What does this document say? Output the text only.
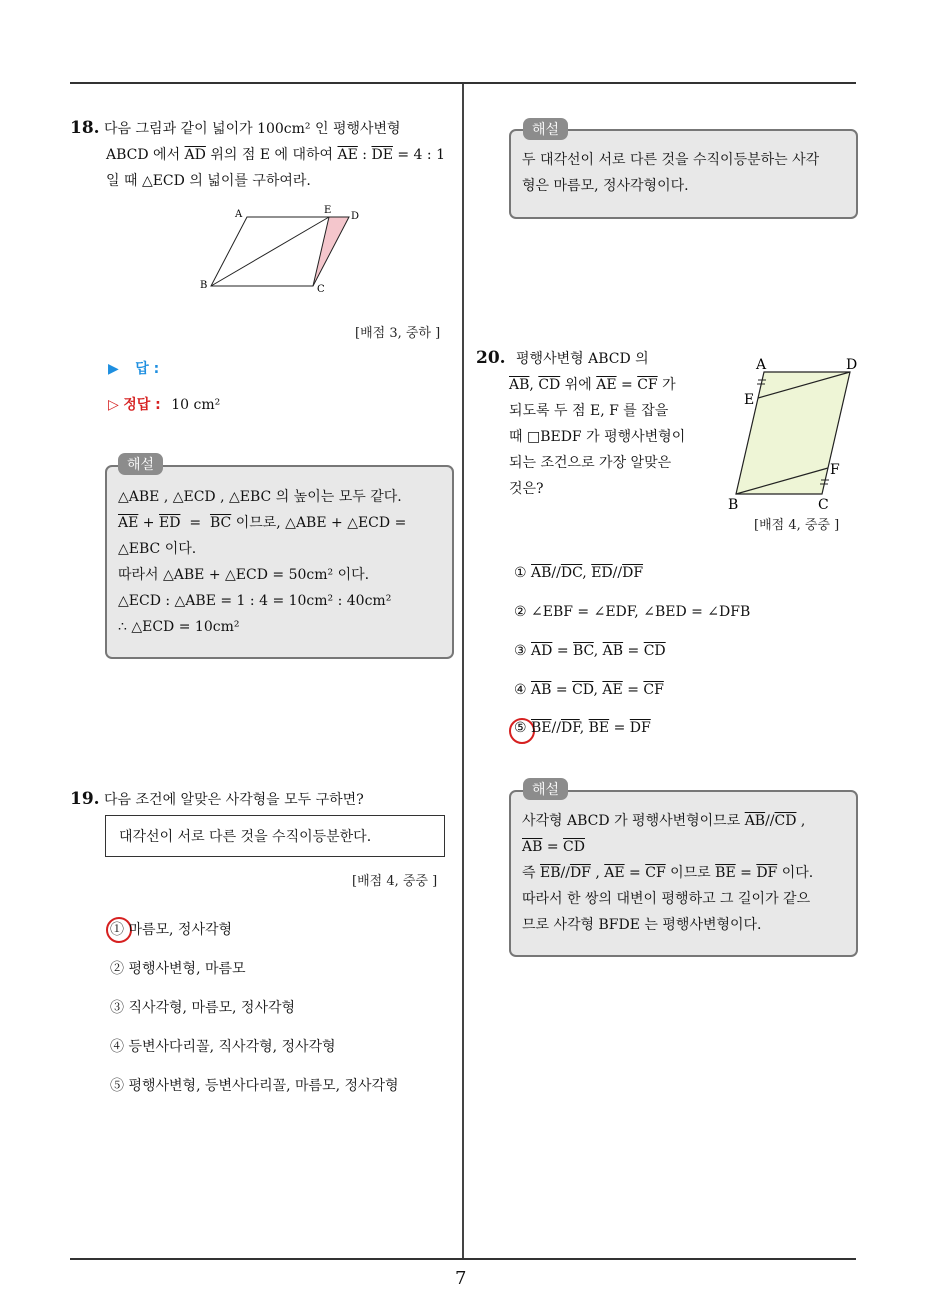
18. 다음 그림과 같이 넓이가 100cm² 인 평행사변형
ABCD 에서 $\overline{AD}$ 위의 점 E 에 대하여 $\overline{AE}$ : $\overline{DE} = 4$ : 1
일 때 △ECD 의 넓이를 구하여라.
A	E
D
B	C
[배점 3, 중하 ]
▶ 답 :
▷ 정답 : 10 cm²
해설
△ABE , △ECD , △EBC 의 높이는 모두 같다.
$\overline{AE} + \overline{ED} = \overline{BC}$ 이므로, △ABE + △ECD =
△EBC 이다.
따라서 △ABE + △ECD = 50cm² 이다.
△ECD : △ABE = 1 : 4 = 10cm² : 40cm²
∴ △ECD = 10cm²
19. 다음 조건에 알맞은 사각형을 모두 구하면?
대각선이 서로 다른 것을 수직이등분한다.
[배점 4, 중중 ]
① 마름모, 정사각형
② 평행사변형, 마름모
③ 직사각형, 마름모, 정사각형
④ 등변사다리꼴, 직사각형, 정사각형
⑤ 평행사변형, 등변사다리꼴, 마름모, 정사각형
해설
두 대각선이 서로 다른 것을 수직이등분하는 사각
형은 마름모, 정사각형이다.
20. 평행사변형 ABCD 의
$\overline{AB}$, $\overline{CD}$ 위에 $\overline{AE} = \overline{CF}$ 가
되도록 두 점 E, F 를 잡을
때 □BEDF 가 평행사변형이
되는 조건으로 가장 알맞은
것은?
A	D
E
F
B	C
[배점 4, 중중 ]
① $\overline{AB}//\overline{DC}$, $\overline{ED}//\overline{DF}$
② ∠EBF = ∠EDF, ∠BED = ∠DFB
③ $\overline{AD} = \overline{BC}$, $\overline{AB} = \overline{CD}$
④ $\overline{AB} = \overline{CD}$, $\overline{AE} = \overline{CF}$
⑤ $\overline{BE}//\overline{DF}$, $\overline{BE} = \overline{DF}$
해설
사각형 ABCD 가 평행사변형이므로 $\overline{AB}//\overline{CD}$ ,
$\overline{AB} = \overline{CD}$
즉 $\overline{EB}//\overline{DF}$ , $\overline{AE} = \overline{CF}$ 이므로 $\overline{BE} = \overline{DF}$ 이다.
따라서 한 쌍의 대변이 평행하고 그 길이가 같으
므로 사각형 BFDE 는 평행사변형이다.
7
